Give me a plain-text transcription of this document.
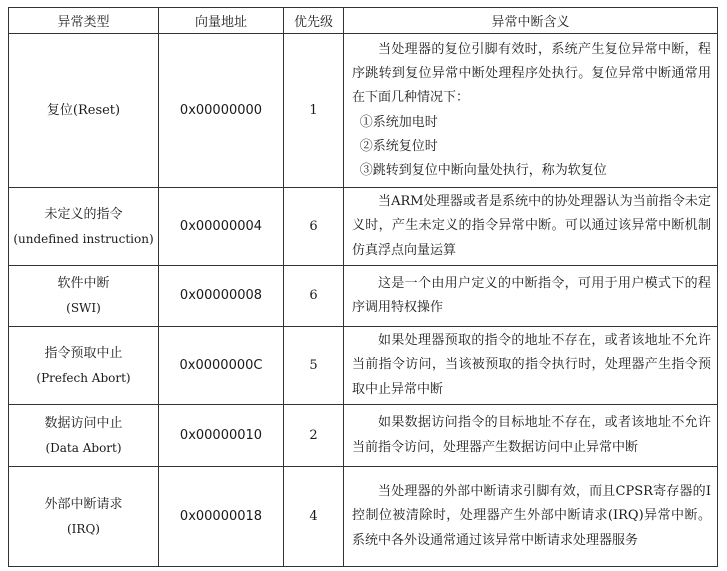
异常类型	向量地址	优先级	异常中断含义
复位(Reset)	0x00000000	1	当处理器的复位引脚有效时，系统产生复位异常中断，程序跳转到复位异常中断处理程序处执行。复位异常中断通常用在下面几种情况下：
①系统加电时
②系统复位时
③跳转到复位中断向量处执行，称为软复位

未定义的指令
(undefined instruction)	0x00000004	6	当ARM处理器或者是系统中的协处理器认为当前指令未定义时，产生未定义的指令异常中断。可以通过该异常中断机制仿真浮点向量运算

软件中断
(SWI)	0x00000008	6	这是一个由用户定义的中断指令，可用于用户模式下的程序调用特权操作

指令预取中止
(Prefech Abort)	0x0000000C	5	如果处理器预取的指令的地址不存在，或者该地址不允许当前指令访问，当该被预取的指令执行时，处理器产生指令预取中止异常中断

数据访问中止
(Data Abort)	0x00000010	2	如果数据访问指令的目标地址不存在，或者该地址不允许当前指令访问，处理器产生数据访问中止异常中断

外部中断请求
(IRQ)	0x00000018	4	当处理器的外部中断请求引脚有效，而且CPSR寄存器的I控制位被清除时，处理器产生外部中断请求(IRQ)异常中断。系统中各外设通常通过该异常中断请求处理器服务
